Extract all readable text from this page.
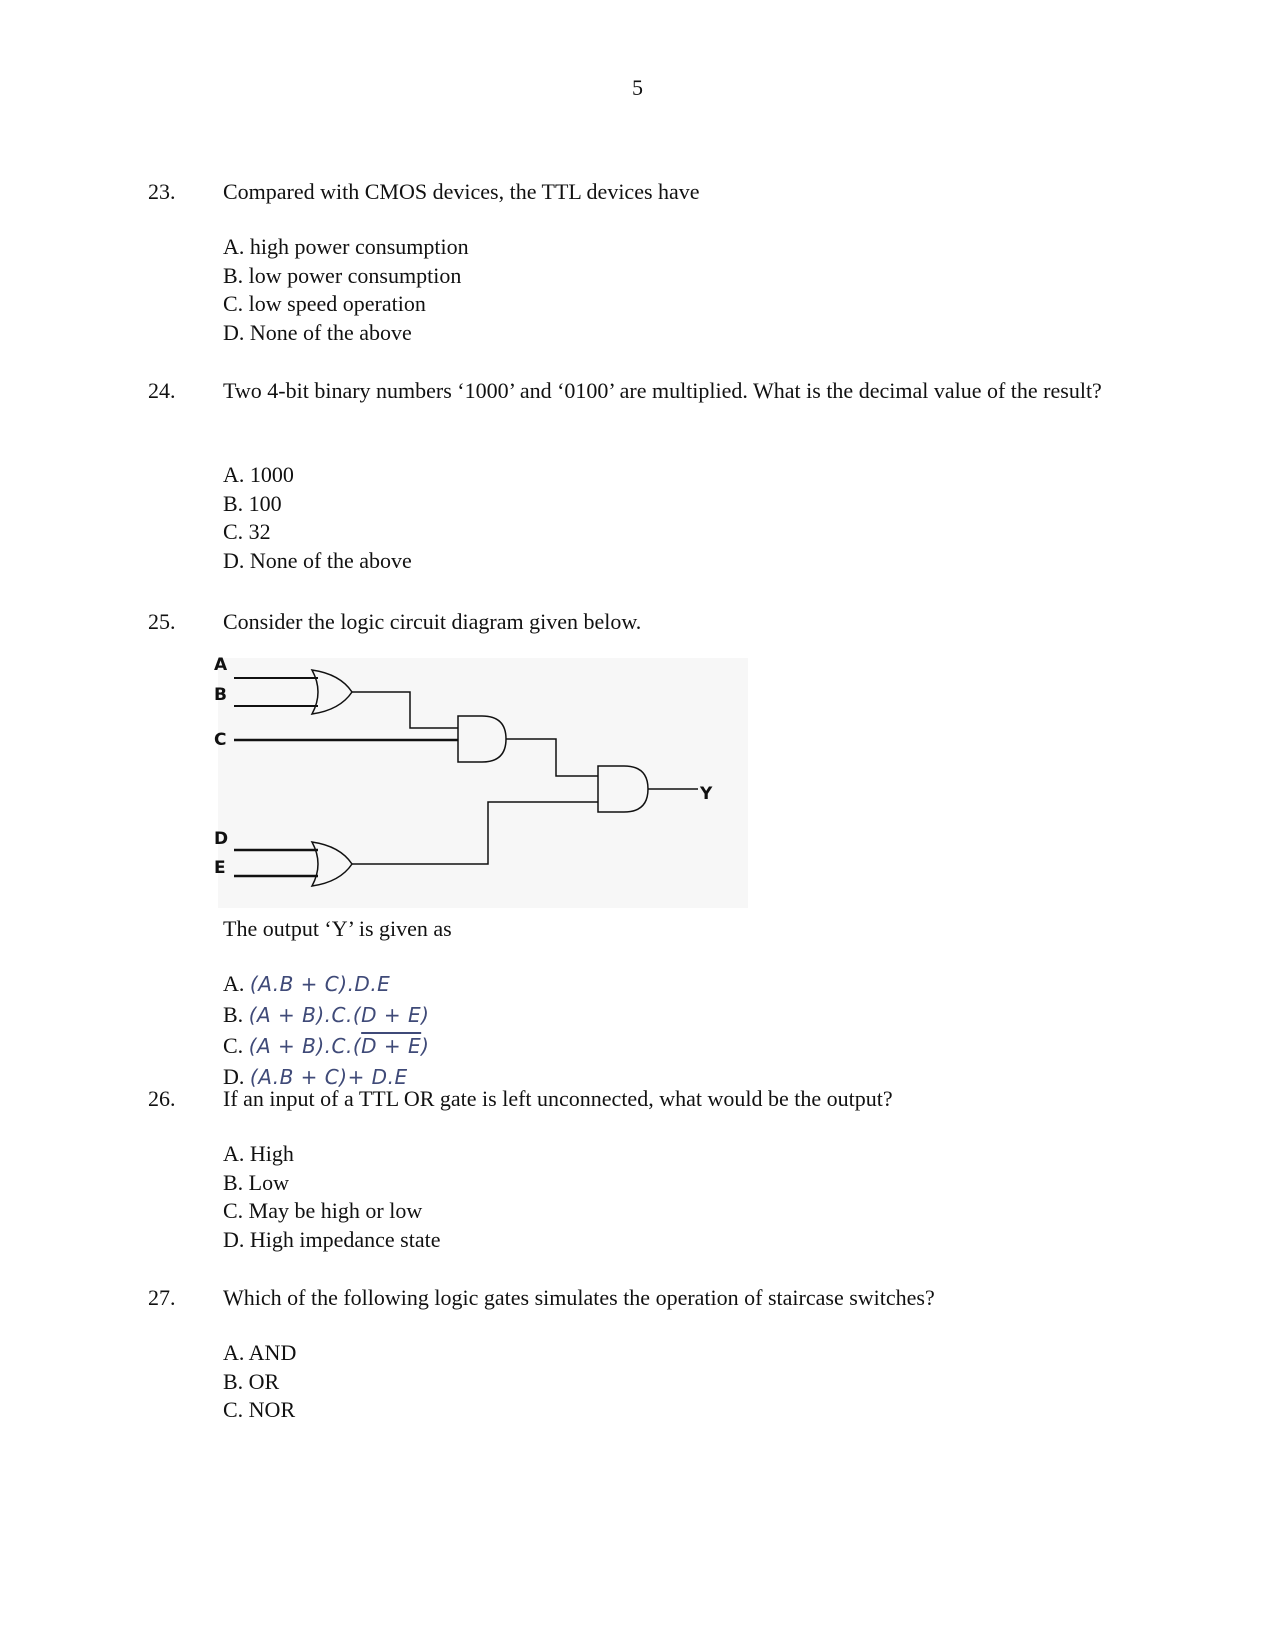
5
23. Compared with CMOS devices, the TTL devices have
A. high power consumption
B. low power consumption
C. low speed operation
D. None of the above
24. Two 4-bit binary numbers ‘1000’ and ‘0100’ are multiplied. What is the decimal value of the result?
A. 1000
B. 100
C. 32
D. None of the above
25. Consider the logic circuit diagram given below.
The output ‘Y’ is given as
A. (A.B + C).D.E
B. (A + B).C.(D + E)
C. (A + B).C.(D + E)
D. (A.B + C)+ D.E
A
B
C
D
E
Y
26. If an input of a TTL OR gate is left unconnected, what would be the output?
A. High
B. Low
C. May be high or low
D. High impedance state
27. Which of the following logic gates simulates the operation of staircase switches?
A. AND
B. OR
C. NOR
